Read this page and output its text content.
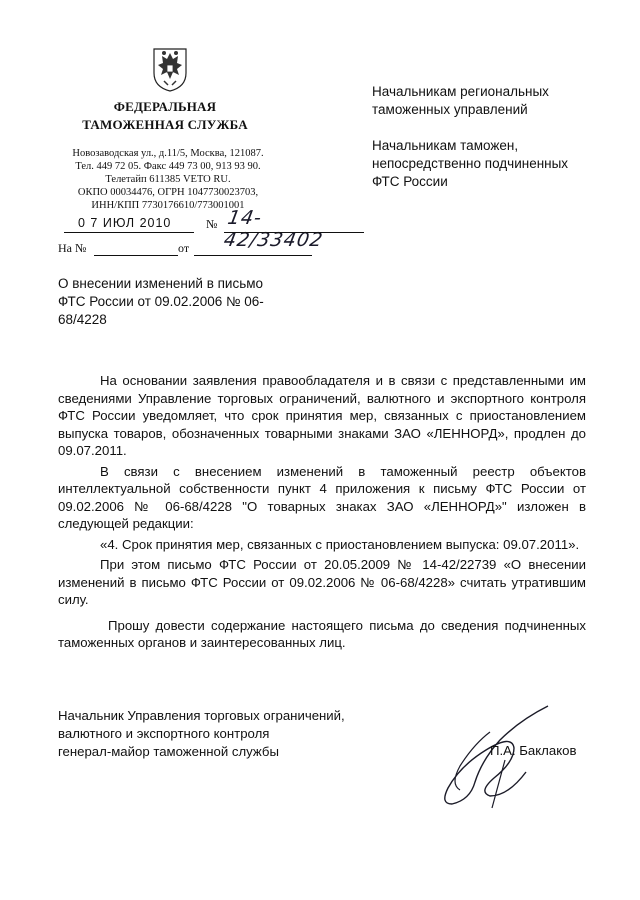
ФЕДЕРАЛЬНАЯ
ТАМОЖЕННАЯ СЛУЖБА
Новозаводская ул., д.11/5, Москва, 121087.
Тел. 449 72 05. Факс 449 73 00, 913 93 90.
Телетайп 611385 VETO RU.
ОКПО 00034476, ОГРН 1047730023703,
ИНН/КПП 7730176610/773001001
Начальникам региональных
таможенных управлений
Начальникам таможен,
непосредственно подчиненных
ФТС России
0 7 ИЮЛ 2010	№ 14-42/33402
На №	от
О внесении изменений в письмо
ФТС России от 09.02.2006 № 06-
68/4228

На основании заявления правообладателя и в связи с представленными им сведениями Управление торговых ограничений, валютного и экспортного контроля ФТС России уведомляет, что срок принятия мер, связанных с приостановлением выпуска товаров, обозначенных товарными знаками ЗАО «ЛЕННОРД», продлен до 09.07.2011.

В связи с внесением изменений в таможенный реестр объектов интеллектуальной собственности пункт 4 приложения к письму ФТС России от 09.02.2006 № 06-68/4228 "О товарных знаках ЗАО «ЛЕННОРД»" изложен в следующей редакции:

«4. Срок принятия мер, связанных с приостановлением выпуска: 09.07.2011».

При этом письмо ФТС России от 20.05.2009 № 14-42/22739 «О внесении изменений в письмо ФТС России от 09.02.2006 № 06-68/4228» считать утратившим силу.

Прошу довести содержание настоящего письма до сведения подчиненных таможенных органов и заинтересованных лиц.

Начальник Управления торговых ограничений,
валютного и экспортного контроля
генерал-майор таможенной службы	П.А. Баклаков
